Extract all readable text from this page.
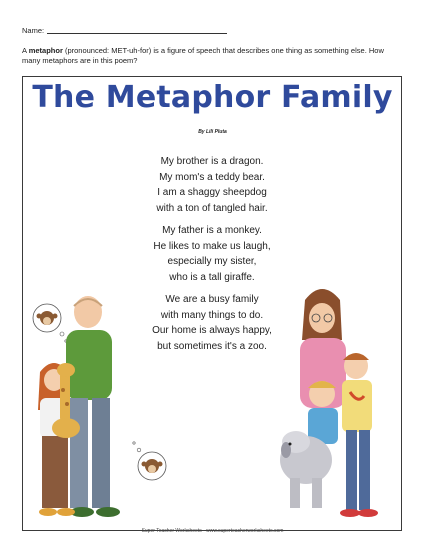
Name:
A metaphor (pronounced: MET-uh-for) is a figure of speech that describes one thing as something else. How many metaphors are in this poem?
The Metaphor Family
By Lili Pluta
My brother is a dragon.
My mom's a teddy bear.
I am a shaggy sheepdog
with a ton of tangled hair.
My father is a monkey.
He likes to make us laugh,
especially my sister,
who is a tall giraffe.
We are a busy family
with many things to do.
Our home is always happy,
but sometimes it's a zoo.
Super Teacher Worksheets - www.superteacherworksheets.com
